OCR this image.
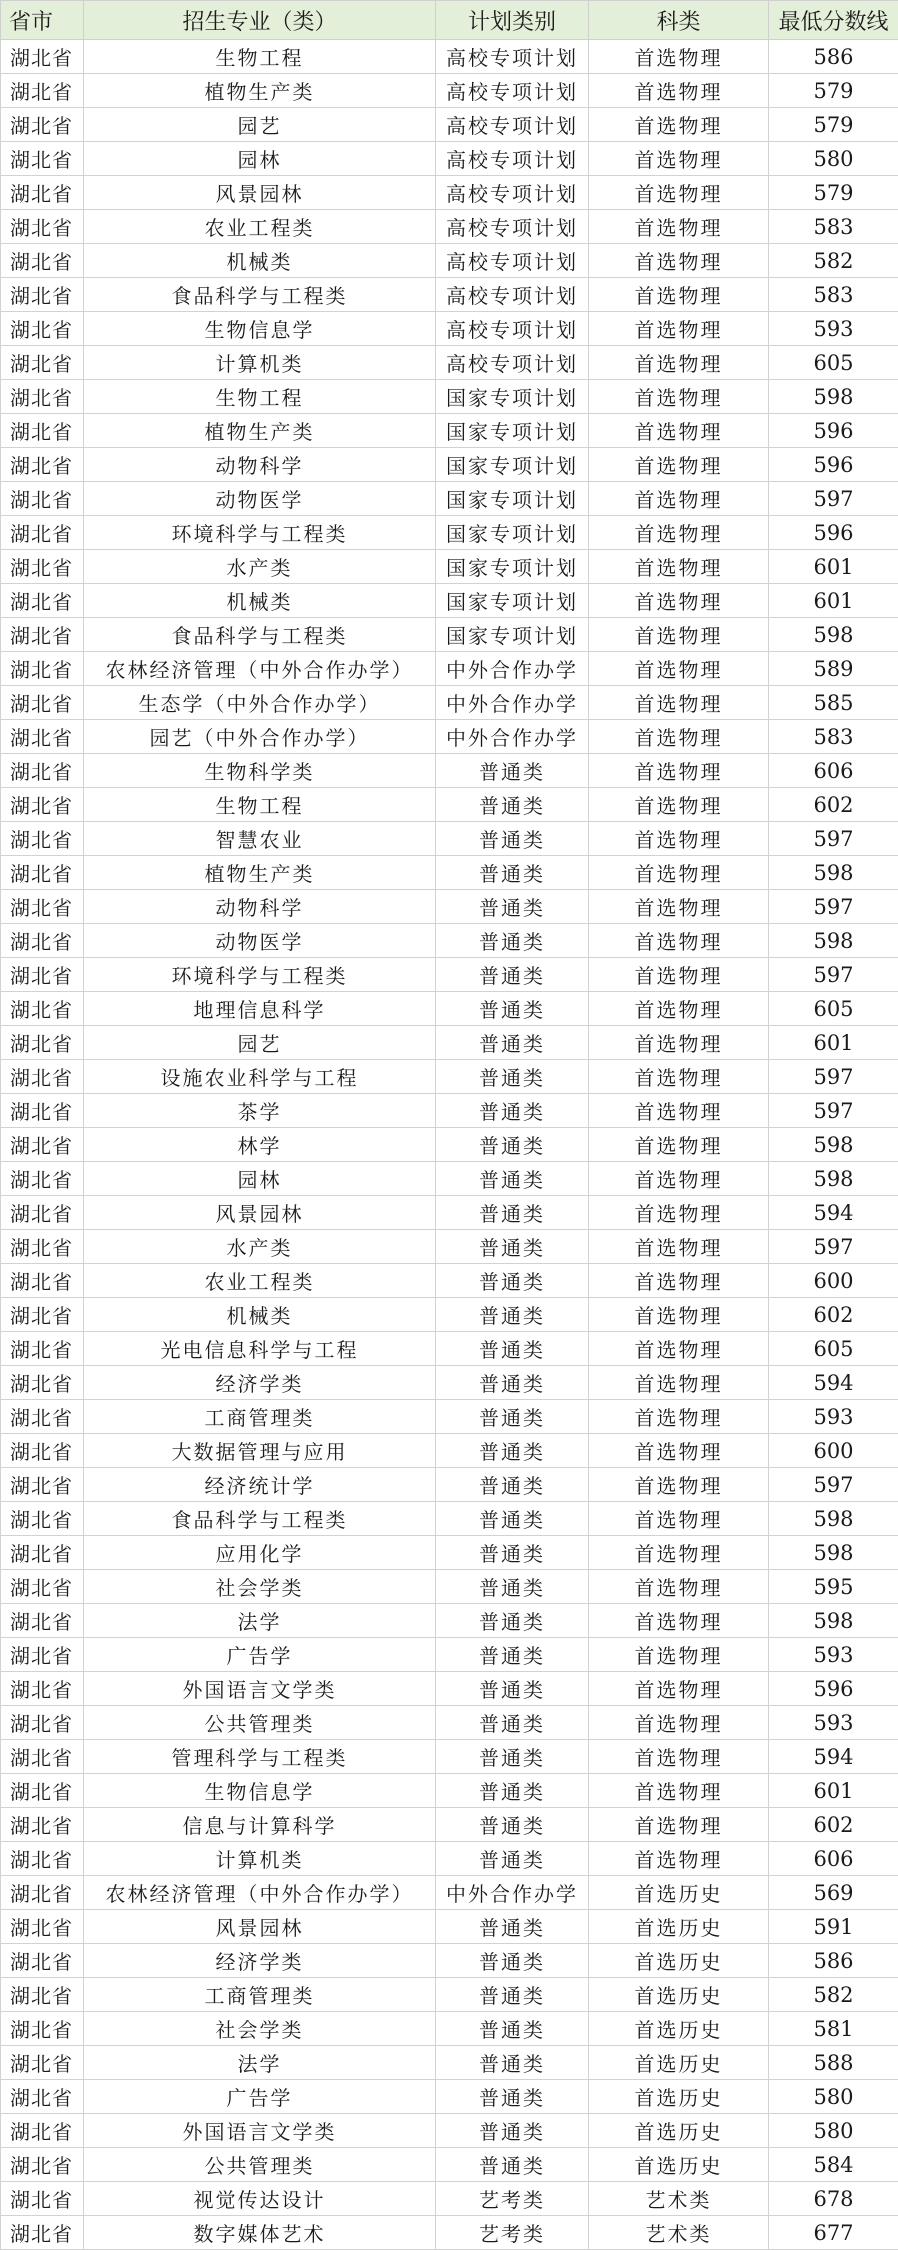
省市	招生专业（类）	计划类别	科类	最低分数线
湖北省	生物工程	高校专项计划	首选物理	586
湖北省	植物生产类	高校专项计划	首选物理	579
湖北省	园艺	高校专项计划	首选物理	579
湖北省	园林	高校专项计划	首选物理	580
湖北省	风景园林	高校专项计划	首选物理	579
湖北省	农业工程类	高校专项计划	首选物理	583
湖北省	机械类	高校专项计划	首选物理	582
湖北省	食品科学与工程类	高校专项计划	首选物理	583
湖北省	生物信息学	高校专项计划	首选物理	593
湖北省	计算机类	高校专项计划	首选物理	605
湖北省	生物工程	国家专项计划	首选物理	598
湖北省	植物生产类	国家专项计划	首选物理	596
湖北省	动物科学	国家专项计划	首选物理	596
湖北省	动物医学	国家专项计划	首选物理	597
湖北省	环境科学与工程类	国家专项计划	首选物理	596
湖北省	水产类	国家专项计划	首选物理	601
湖北省	机械类	国家专项计划	首选物理	601
湖北省	食品科学与工程类	国家专项计划	首选物理	598
湖北省	农林经济管理（中外合作办学）	中外合作办学	首选物理	589
湖北省	生态学（中外合作办学）	中外合作办学	首选物理	585
湖北省	园艺（中外合作办学）	中外合作办学	首选物理	583
湖北省	生物科学类	普通类	首选物理	606
湖北省	生物工程	普通类	首选物理	602
湖北省	智慧农业	普通类	首选物理	597
湖北省	植物生产类	普通类	首选物理	598
湖北省	动物科学	普通类	首选物理	597
湖北省	动物医学	普通类	首选物理	598
湖北省	环境科学与工程类	普通类	首选物理	597
湖北省	地理信息科学	普通类	首选物理	605
湖北省	园艺	普通类	首选物理	601
湖北省	设施农业科学与工程	普通类	首选物理	597
湖北省	茶学	普通类	首选物理	597
湖北省	林学	普通类	首选物理	598
湖北省	园林	普通类	首选物理	598
湖北省	风景园林	普通类	首选物理	594
湖北省	水产类	普通类	首选物理	597
湖北省	农业工程类	普通类	首选物理	600
湖北省	机械类	普通类	首选物理	602
湖北省	光电信息科学与工程	普通类	首选物理	605
湖北省	经济学类	普通类	首选物理	594
湖北省	工商管理类	普通类	首选物理	593
湖北省	大数据管理与应用	普通类	首选物理	600
湖北省	经济统计学	普通类	首选物理	597
湖北省	食品科学与工程类	普通类	首选物理	598
湖北省	应用化学	普通类	首选物理	598
湖北省	社会学类	普通类	首选物理	595
湖北省	法学	普通类	首选物理	598
湖北省	广告学	普通类	首选物理	593
湖北省	外国语言文学类	普通类	首选物理	596
湖北省	公共管理类	普通类	首选物理	593
湖北省	管理科学与工程类	普通类	首选物理	594
湖北省	生物信息学	普通类	首选物理	601
湖北省	信息与计算科学	普通类	首选物理	602
湖北省	计算机类	普通类	首选物理	606
湖北省	农林经济管理（中外合作办学）	中外合作办学	首选历史	569
湖北省	风景园林	普通类	首选历史	591
湖北省	经济学类	普通类	首选历史	586
湖北省	工商管理类	普通类	首选历史	582
湖北省	社会学类	普通类	首选历史	581
湖北省	法学	普通类	首选历史	588
湖北省	广告学	普通类	首选历史	580
湖北省	外国语言文学类	普通类	首选历史	580
湖北省	公共管理类	普通类	首选历史	584
湖北省	视觉传达设计	艺考类	艺术类	678
湖北省	数字媒体艺术	艺考类	艺术类	677
